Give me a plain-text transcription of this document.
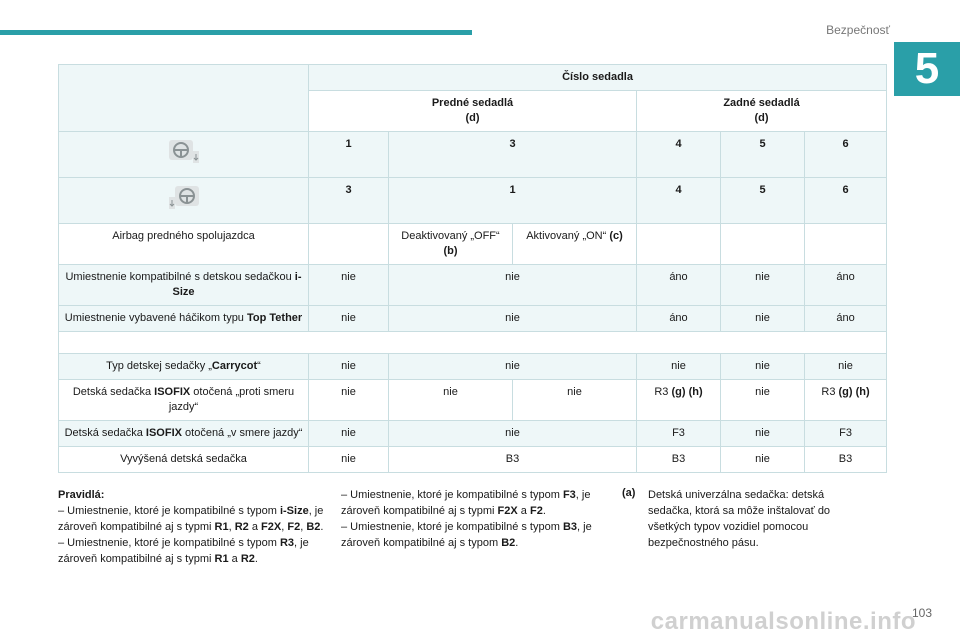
Bezpečnosť
5
	Číslo sedadla					
	Predné sedadlá
(d)			Zadné sedadlá
(d)		
	1	3		4	5	6
	3	1		4	5	6
Airbag predného spolujazdca		Deaktivovaný „OFF“ (b)	Aktivovaný „ON“ (c)			
Umiestnenie kompatibilné s detskou sedačkou i-Size	nie	nie		áno	nie	áno
Umiestnenie vybavené háčikom typu Top Tether	nie	nie		áno	nie	áno

Typ detskej sedačky „Carrycot“	nie	nie		nie	nie	nie
Detská sedačka ISOFIX otočená „proti smeru jazdy“	nie	nie	nie	R3 (g) (h)	nie	R3 (g) (h)
Detská sedačka ISOFIX otočená „v smere jazdy“	nie	nie		F3	nie	F3
Vyvýšená detská sedačka	nie	B3		B3	nie	B3
Pravidlá:
– Umiestnenie, ktoré je kompatibilné s typom i-Size, je zároveň kompatibilné aj s typmi R1, R2 a F2X, F2, B2.
– Umiestnenie, ktoré je kompatibilné s typom R3, je zároveň kompatibilné aj s typmi R1 a R2.
– Umiestnenie, ktoré je kompatibilné s typom F3, je zároveň kompatibilné aj s typmi F2X a F2.
– Umiestnenie, ktoré je kompatibilné s typom B3, je zároveň kompatibilné aj s typom B2.
(a) Detská univerzálna sedačka: detská sedačka, ktorá sa môže inštalovať do všetkých typov vozidiel pomocou bezpečnostného pásu.
103
carmanualsonline.info
